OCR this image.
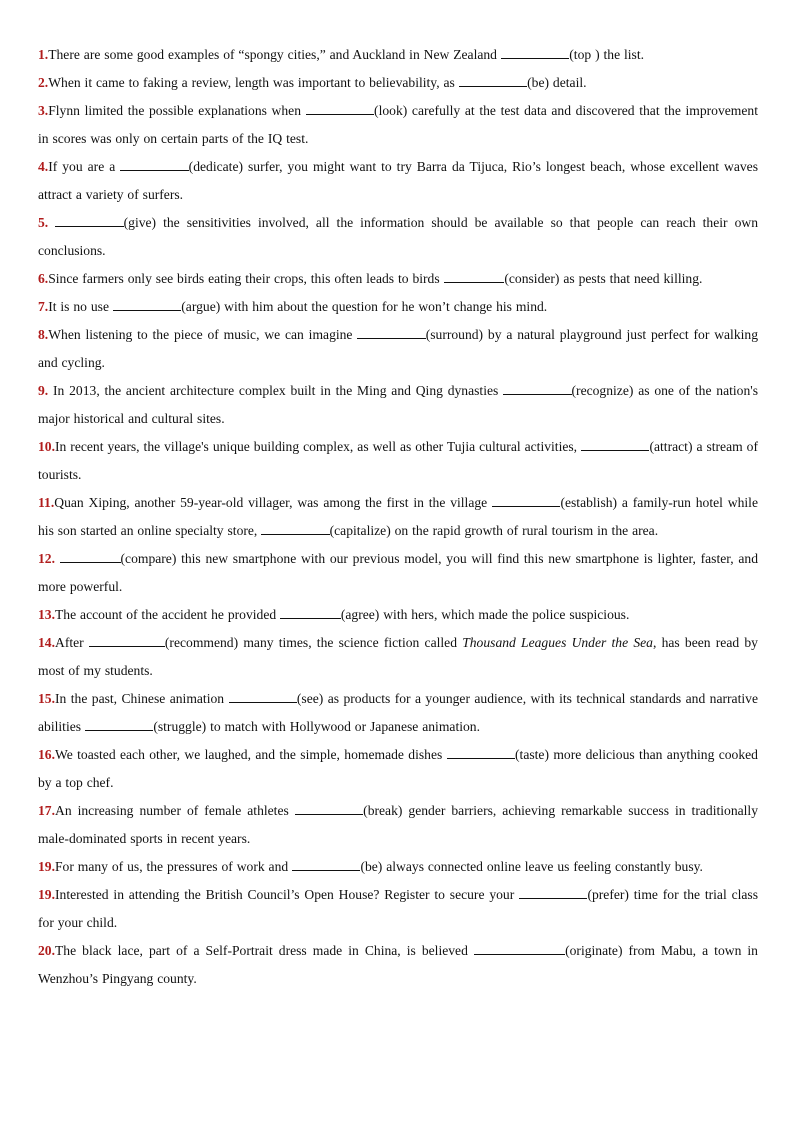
1.There are some good examples of “spongy cities,” and Auckland in New Zealand	(top ) the list.

2.When it came to faking a review, length was important to believability, as	(be) detail.

3.Flynn limited the possible explanations when	(look) carefully at the test data and discovered that the improvement in scores was only on certain parts of the IQ test.

4.If you are a	(dedicate) surfer, you might want to try Barra da Tijuca, Rio’s longest beach, whose excellent waves attract a variety of surfers.

5.	(give) the sensitivities involved, all the information should be available so that people can reach their own conclusions.

6.Since farmers only see birds eating their crops, this often leads to birds	(consider) as pests that need killing.

7.It is no use	(argue) with him about the question for he won’t change his mind.

8.When listening to the piece of music, we can imagine	(surround) by a natural playground just perfect for walking and cycling.

9. In 2013, the ancient architecture complex built in the Ming and Qing dynasties	(recognize) as one of the nation's major historical and cultural sites.

10.In recent years, the village's unique building complex, as well as other Tujia cultural activities,	(attract) a stream of tourists.

11.Quan Xiping, another 59-year-old villager, was among the first in the village	(establish) a family-run hotel while his son started an online specialty store,	(capitalize) on the rapid growth of rural tourism in the area.

12.	(compare) this new smartphone with our previous model, you will find this new smartphone is lighter, faster, and more powerful.

13.The account of the accident he provided	(agree) with hers, which made the police suspicious.

14.After	(recommend) many times, the science fiction called Thousand Leagues Under the Sea, has been read by most of my students.

15.In the past, Chinese animation	(see) as products for a younger audience, with its technical standards and narrative abilities	(struggle) to match with Hollywood or Japanese animation.

16.We toasted each other, we laughed, and the simple, homemade dishes	(taste) more delicious than anything cooked by a top chef.

17.An increasing number of female athletes	(break) gender barriers, achieving remarkable success in traditionally male-dominated sports in recent years.

19.For many of us, the pressures of work and	(be) always connected online leave us feeling constantly busy.

19.Interested in attending the British Council’s Open House? Register to secure your	(prefer) time for the trial class for your child.

20.The black lace, part of a Self-Portrait dress made in China, is believed	(originate) from Mabu, a town in Wenzhou’s Pingyang county.
